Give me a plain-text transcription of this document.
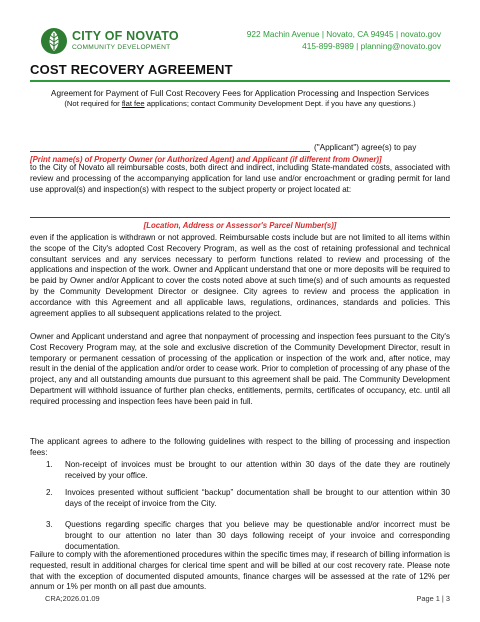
CITY OF NOVATO
COMMUNITY DEVELOPMENT
922 Machin Avenue | Novato, CA 94945 | novato.gov
415-899-8989 | planning@novato.gov
COST RECOVERY AGREEMENT
Agreement for Payment of Full Cost Recovery Fees for Application Processing and Inspection Services
(Not required for flat fee applications; contact Community Development Dept. if you have any questions.)
("Applicant") agree(s) to pay
[Print name(s) of Property Owner (or Authorized Agent) and Applicant (if different from Owner)]

to the City of Novato all reimbursable costs, both direct and indirect, including State-mandated costs, associated with review and processing of the accompanying application for land use and/or encroachment or grading permit for land use approval(s) and inspection(s) with respect to the subject property or project located at:

[Location, Address or Assessor's Parcel Number(s)]

even if the application is withdrawn or not approved. Reimbursable costs include but are not limited to all items within the scope of the City's adopted Cost Recovery Program, as well as the cost of retaining professional and technical consultant services and any services necessary to perform functions related to review and processing of the applications and inspection of the work. Owner and Applicant understand that one or more deposits will be required to be paid by Owner and/or Applicant to cover the costs noted above at such time(s) and of such amounts as requested by the Community Development Director or designee. City agrees to review and process the application in accordance with this Agreement and all applicable laws, regulations, ordinances, standards and policies. This agreement applies to all subsequent applications related to the project.

Owner and Applicant understand and agree that nonpayment of processing and inspection fees pursuant to the City's Cost Recovery Program may, at the sole and exclusive discretion of the Community Development Director, result in temporary or permanent cessation of processing of the application or inspection of the work and, after notice, may result in the denial of the application and/or order to cease work. Prior to completion of processing of any phase of the project, any and all outstanding amounts due pursuant to this agreement shall be paid. The Community Development Department will withhold issuance of further plan checks, entitlements, permits, certificates of occupancy, etc. until all required processing and inspection fees have been paid in full.

The applicant agrees to adhere to the following guidelines with respect to the billing of processing and inspection fees:

1. Non-receipt of invoices must be brought to our attention within 30 days of the date they are routinely received by your office.
2. Invoices presented without sufficient “backup” documentation shall be brought to our attention within 30 days of the receipt of invoice from the City.
3. Questions regarding specific charges that you believe may be questionable and/or incorrect must be brought to our attention no later than 30 days following receipt of your invoice and corresponding documentation.

Failure to comply with the aforementioned procedures within the specific times may, if research of billing information is requested, result in additional charges for clerical time spent and will be billed at our cost recovery rate. Please note that with the exception of documented disputed amounts, finance charges will be assessed at the rate of 12% per annum or 1% per month on all past due amounts.

CRA;2026.01.09	Page 1 | 3
